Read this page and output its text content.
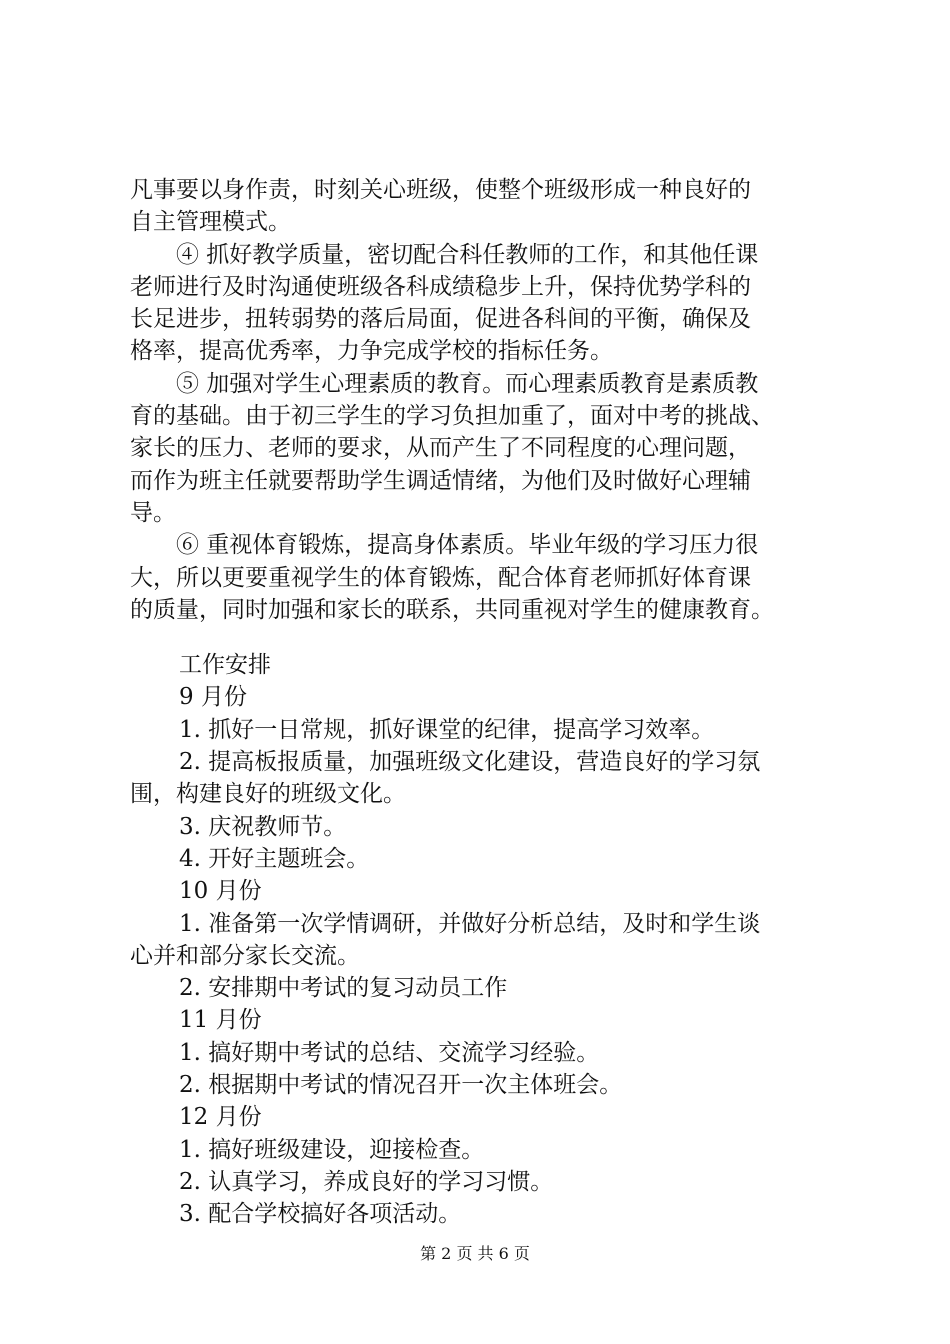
凡事要以身作责，时刻关心班级，使整个班级形成一种良好的
自主管理模式。
④ 抓好教学质量，密切配合科任教师的工作，和其他任课
老师进行及时沟通使班级各科成绩稳步上升，保持优势学科的
长足进步，扭转弱势的落后局面，促进各科间的平衡，确保及
格率，提高优秀率，力争完成学校的指标任务。
⑤ 加强对学生心理素质的教育。而心理素质教育是素质教
育的基础。由于初三学生的学习负担加重了，面对中考的挑战、
家长的压力、老师的要求，从而产生了不同程度的心理问题，
而作为班主任就要帮助学生调适情绪，为他们及时做好心理辅
导。
⑥ 重视体育锻炼，提高身体素质。毕业年级的学习压力很
大，所以更要重视学生的体育锻炼，配合体育老师抓好体育课
的质量，同时加强和家长的联系，共同重视对学生的健康教育。
工作安排
9 月份
1. 抓好一日常规，抓好课堂的纪律，提高学习效率。
2. 提高板报质量，加强班级文化建设，营造良好的学习氛
围，构建良好的班级文化。
3. 庆祝教师节。
4. 开好主题班会。
10 月份
1. 准备第一次学情调研，并做好分析总结，及时和学生谈
心并和部分家长交流。
2. 安排期中考试的复习动员工作
11 月份
1. 搞好期中考试的总结、交流学习经验。
2. 根据期中考试的情况召开一次主体班会。
12 月份
1. 搞好班级建设，迎接检查。
2. 认真学习，养成良好的学习习惯。
3. 配合学校搞好各项活动。
第 2 页 共 6 页
